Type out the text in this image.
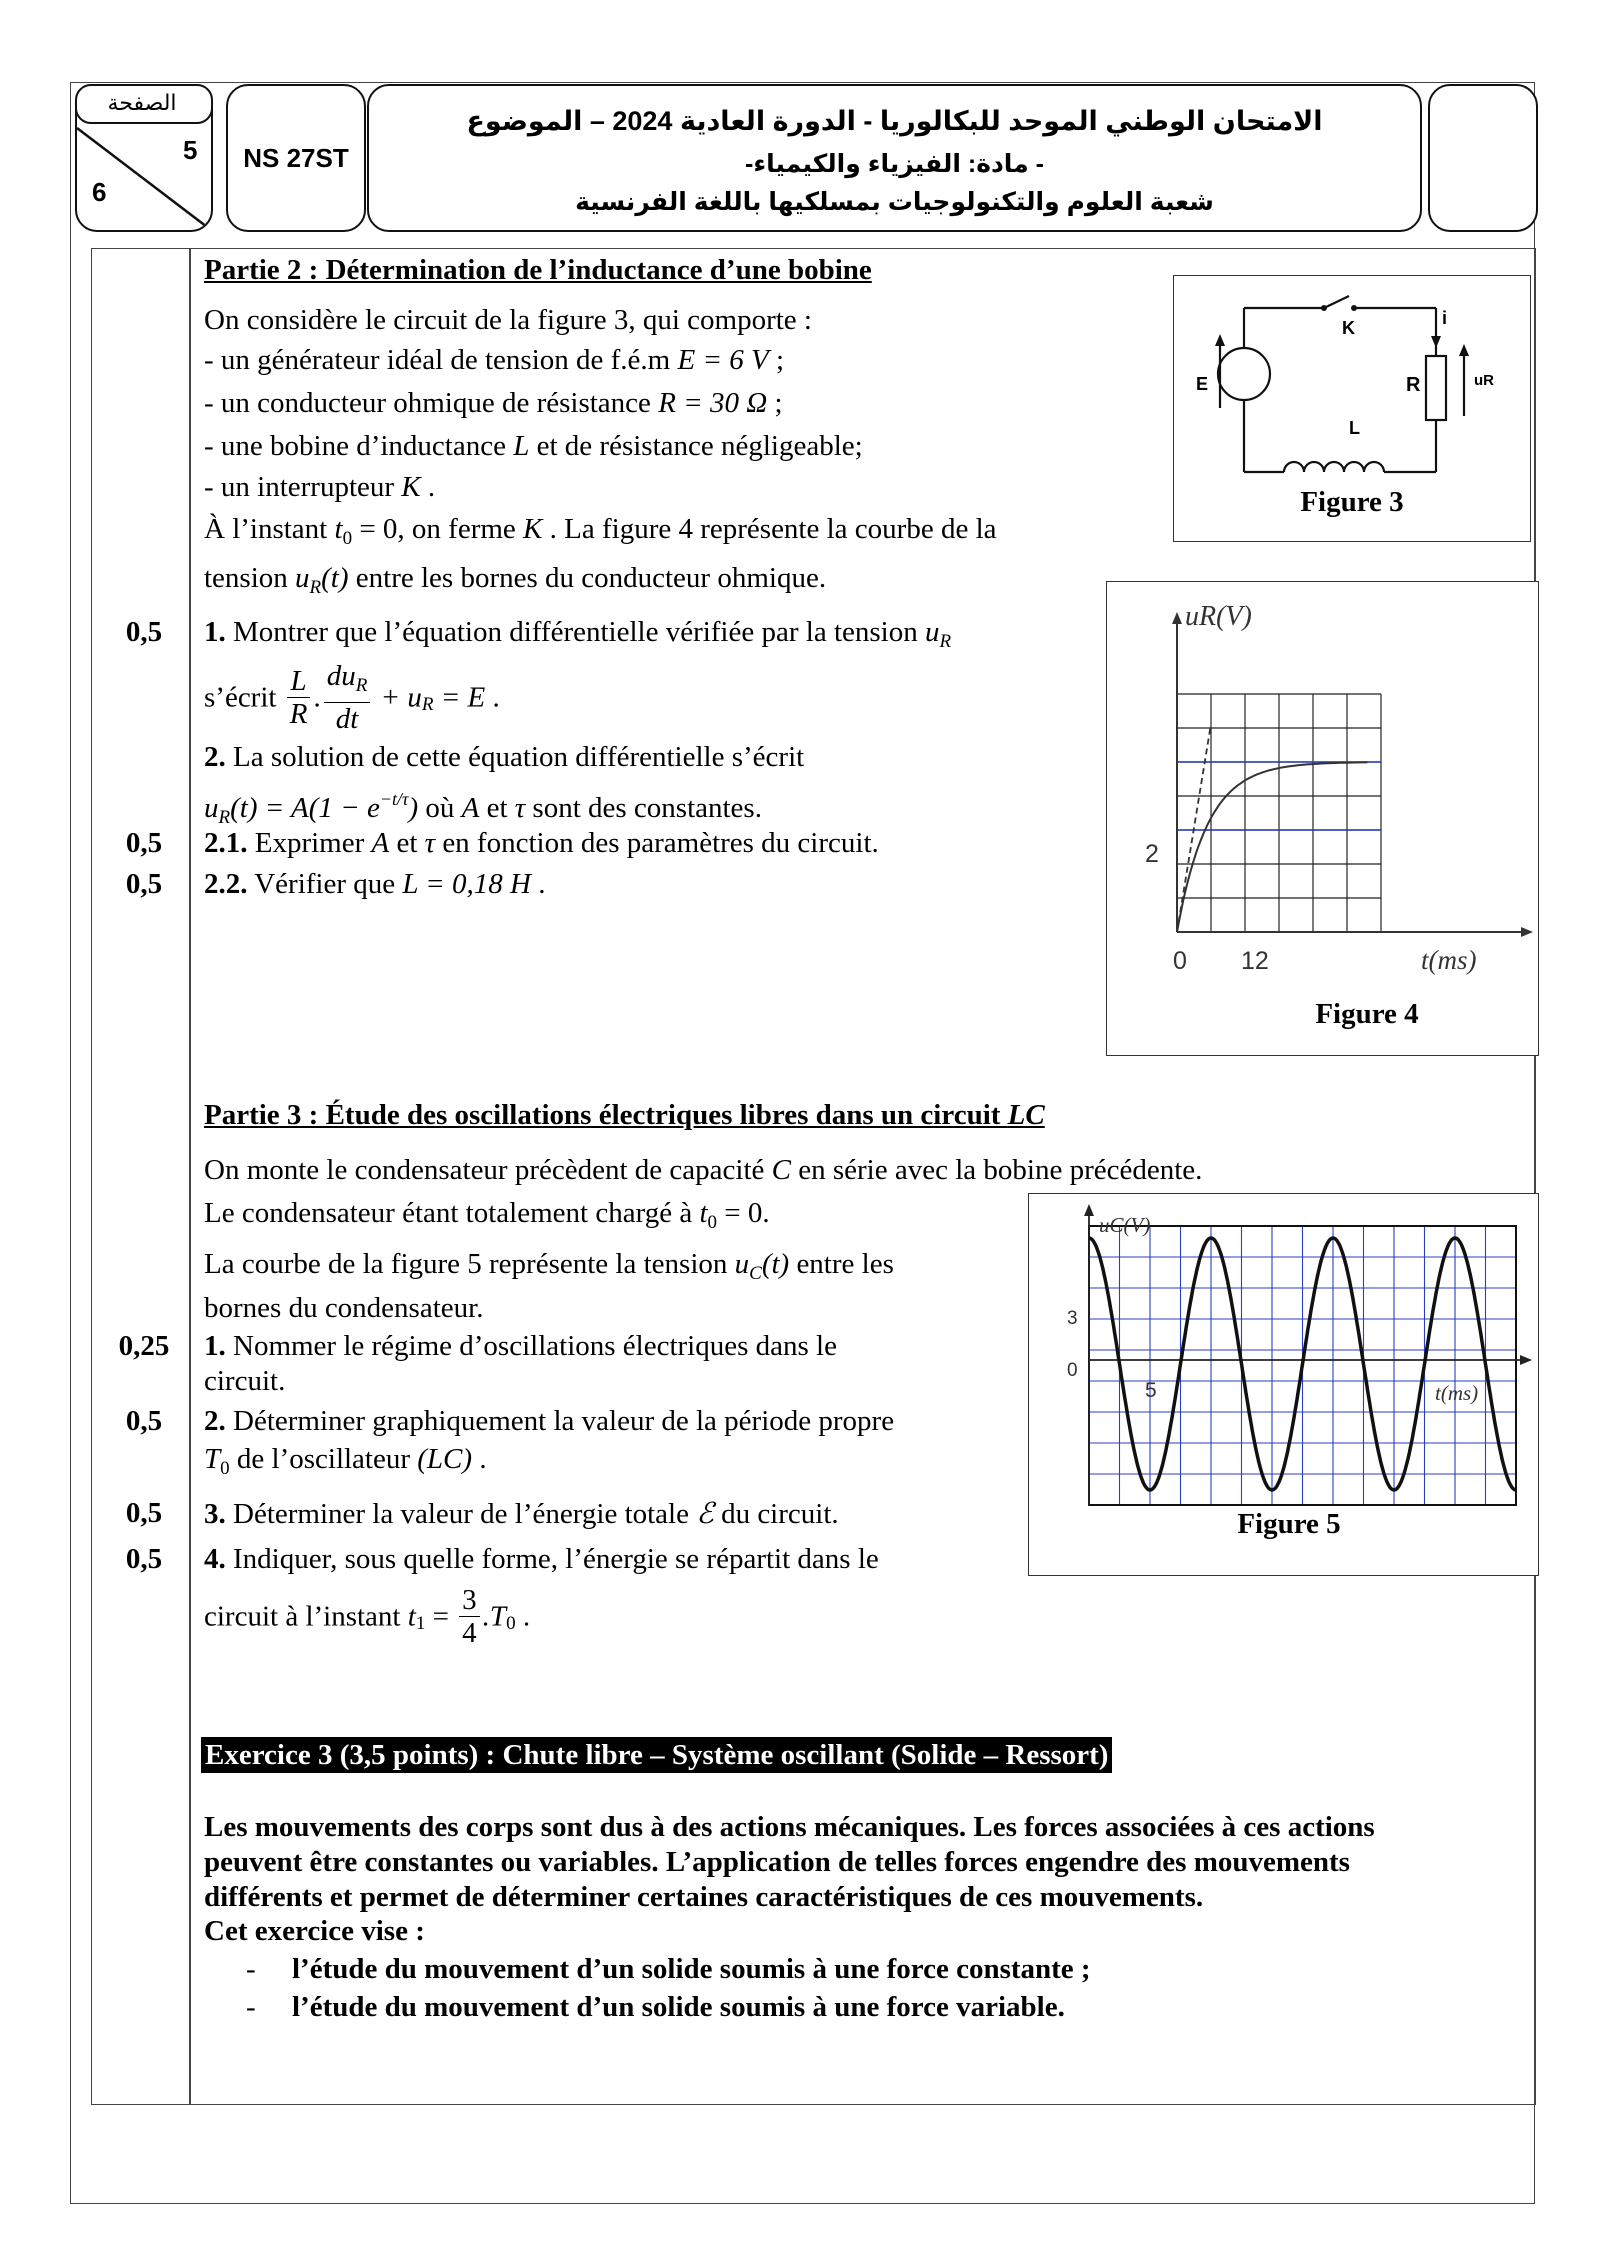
الصفحة
5
6
NS 27ST
الامتحان الوطني الموحد للبكالوريا - الدورة العادية 2024 – الموضوع
- مادة: الفيزياء والكيمياء-
شعبة العلوم والتكنولوجيات بمسلكيها باللغة الفرنسية
Partie 2 : Détermination de l’inductance d’une bobine
On considère le circuit de la figure 3, qui comporte :
- un générateur idéal de tension de f.é.m E = 6 V ;
- un conducteur ohmique de résistance R = 30 Ω ;
- une bobine d’inductance L et de résistance négligeable;
- un interrupteur K .
À l’instant $t_0 = 0$, on ferme K . La figure 4 représente la courbe de la
tension $u_R(t)$ entre les bornes du conducteur ohmique.
0,5	1. Montrer que l’équation différentielle vérifiée par la tension $u_R$
s’écrit $\frac{L}{R}$ . $\frac{du_R}{dt} + u_R = E$ .
2. La solution de cette équation différentielle s’écrit
$u_R(t) = A(1 - e^{-t/\tau})$ où A et τ sont des constantes.
0,5	2.1. Exprimer A et τ en fonction des paramètres du circuit.
0,5	2.2. Vérifier que L = 0,18 H .
K	i
E	R	uR
L
Figure 3
uR(V)
2
0 12	t(ms)
Figure 4
Partie 3 : Étude des oscillations électriques libres dans un circuit LC
On monte le condensateur précèdent de capacité C en série avec la bobine précédente.
Le condensateur étant totalement chargé à $t_0 = 0$.
La courbe de la figure 5 représente la tension $u_C(t)$ entre les
bornes du condensateur.
0,25	1. Nommer le régime d’oscillations électriques dans le
circuit.
0,5	2. Déterminer graphiquement la valeur de la période propre
$T_0$ de l’oscillateur (LC) .
0,5	3. Déterminer la valeur de l’énergie totale ℰ du circuit.
0,5	4. Indiquer, sous quelle forme, l’énergie se répartit dans le
circuit à l’instant $t_1 = \frac{3}{4} .T_0$ .
uC(V)
3
0
5	t(ms)
Figure 5
Exercice 3 (3,5 points) : Chute libre – Système oscillant (Solide – Ressort)
Les mouvements des corps sont dus à des actions mécaniques. Les forces associées à ces actions
peuvent être constantes ou variables. L’application de telles forces engendre des mouvements
différents et permet de déterminer certaines caractéristiques de ces mouvements.
Cet exercice vise :
- l’étude du mouvement d’un solide soumis à une force constante ;
- l’étude du mouvement d’un solide soumis à une force variable.
